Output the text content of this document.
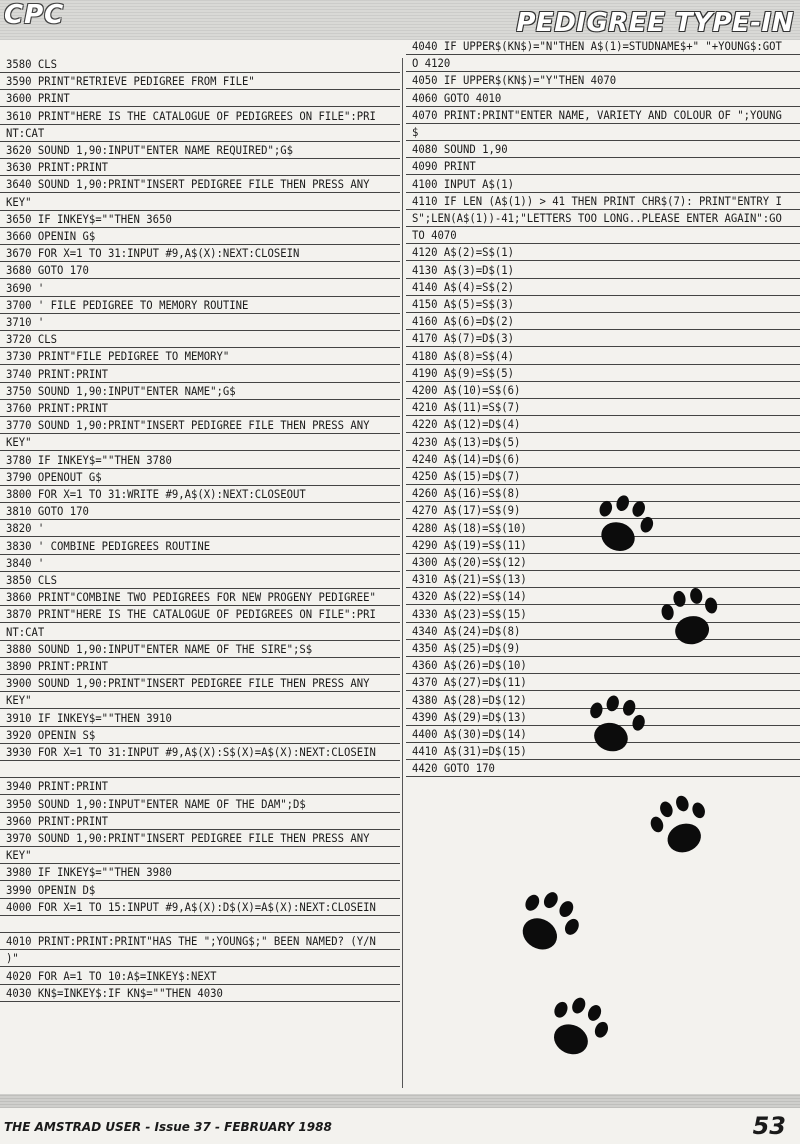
CPC	PEDIGREE TYPE-IN
3580 CLS
3590 PRINT"RETRIEVE PEDIGREE FROM FILE"
3600 PRINT
3610 PRINT"HERE IS THE CATALOGUE OF PEDIGREES ON FILE":PRI
NT:CAT
3620 SOUND 1,90:INPUT"ENTER NAME REQUIRED";G$
3630 PRINT:PRINT
3640 SOUND 1,90:PRINT"INSERT PEDIGREE FILE THEN PRESS ANY
KEY"
3650 IF INKEY$=""THEN 3650
3660 OPENIN G$
3670 FOR X=1 TO 31:INPUT #9,A$(X):NEXT:CLOSEIN
3680 GOTO 170
3690 '
3700 ' FILE PEDIGREE TO MEMORY ROUTINE
3710 '
3720 CLS
3730 PRINT"FILE PEDIGREE TO MEMORY"
3740 PRINT:PRINT
3750 SOUND 1,90:INPUT"ENTER NAME";G$
3760 PRINT:PRINT
3770 SOUND 1,90:PRINT"INSERT PEDIGREE FILE THEN PRESS ANY
KEY"
3780 IF INKEY$=""THEN 3780
3790 OPENOUT G$
3800 FOR X=1 TO 31:WRITE #9,A$(X):NEXT:CLOSEOUT
3810 GOTO 170
3820 '
3830 ' COMBINE PEDIGREES ROUTINE
3840 '
3850 CLS
3860 PRINT"COMBINE TWO PEDIGREES FOR NEW PROGENY PEDIGREE"
3870 PRINT"HERE IS THE CATALOGUE OF PEDIGREES ON FILE":PRI
NT:CAT
3880 SOUND 1,90:INPUT"ENTER NAME OF THE SIRE";S$
3890 PRINT:PRINT
3900 SOUND 1,90:PRINT"INSERT PEDIGREE FILE THEN PRESS ANY
KEY"
3910 IF INKEY$=""THEN 3910
3920 OPENIN S$
3930 FOR X=1 TO 31:INPUT #9,A$(X):S$(X)=A$(X):NEXT:CLOSEIN
3940 PRINT:PRINT
3950 SOUND 1,90:INPUT"ENTER NAME OF THE DAM";D$
3960 PRINT:PRINT
3970 SOUND 1,90:PRINT"INSERT PEDIGREE FILE THEN PRESS ANY
KEY"
3980 IF INKEY$=""THEN 3980
3990 OPENIN D$
4000 FOR X=1 TO 15:INPUT #9,A$(X):D$(X)=A$(X):NEXT:CLOSEIN
4010 PRINT:PRINT:PRINT"HAS THE ";YOUNG$;" BEEN NAMED? (Y/N
)"
4020 FOR A=1 TO 10:A$=INKEY$:NEXT
4030 KN$=INKEY$:IF KN$=""THEN 4030
4040 IF UPPER$(KN$)="N"THEN A$(1)=STUDNAME$+" "+YOUNG$:GOT
O 4120
4050 IF UPPER$(KN$)="Y"THEN 4070
4060 GOTO 4010
4070 PRINT:PRINT"ENTER NAME, VARIETY AND COLOUR OF ";YOUNG
$
4080 SOUND 1,90
4090 PRINT
4100 INPUT A$(1)
4110 IF LEN (A$(1)) > 41 THEN PRINT CHR$(7): PRINT"ENTRY I
S";LEN(A$(1))-41;"LETTERS TOO LONG..PLEASE ENTER AGAIN":GO
TO 4070
4120 A$(2)=S$(1)
4130 A$(3)=D$(1)
4140 A$(4)=S$(2)
4150 A$(5)=S$(3)
4160 A$(6)=D$(2)
4170 A$(7)=D$(3)
4180 A$(8)=S$(4)
4190 A$(9)=S$(5)
4200 A$(10)=S$(6)
4210 A$(11)=S$(7)
4220 A$(12)=D$(4)
4230 A$(13)=D$(5)
4240 A$(14)=D$(6)
4250 A$(15)=D$(7)
4260 A$(16)=S$(8)
4270 A$(17)=S$(9)
4280 A$(18)=S$(10)
4290 A$(19)=S$(11)
4300 A$(20)=S$(12)
4310 A$(21)=S$(13)
4320 A$(22)=S$(14)
4330 A$(23)=S$(15)
4340 A$(24)=D$(8)
4350 A$(25)=D$(9)
4360 A$(26)=D$(10)
4370 A$(27)=D$(11)
4380 A$(28)=D$(12)
4390 A$(29)=D$(13)
4400 A$(30)=D$(14)
4410 A$(31)=D$(15)
4420 GOTO 170
THE AMSTRAD USER - Issue 37 - FEBRUARY 1988	53
